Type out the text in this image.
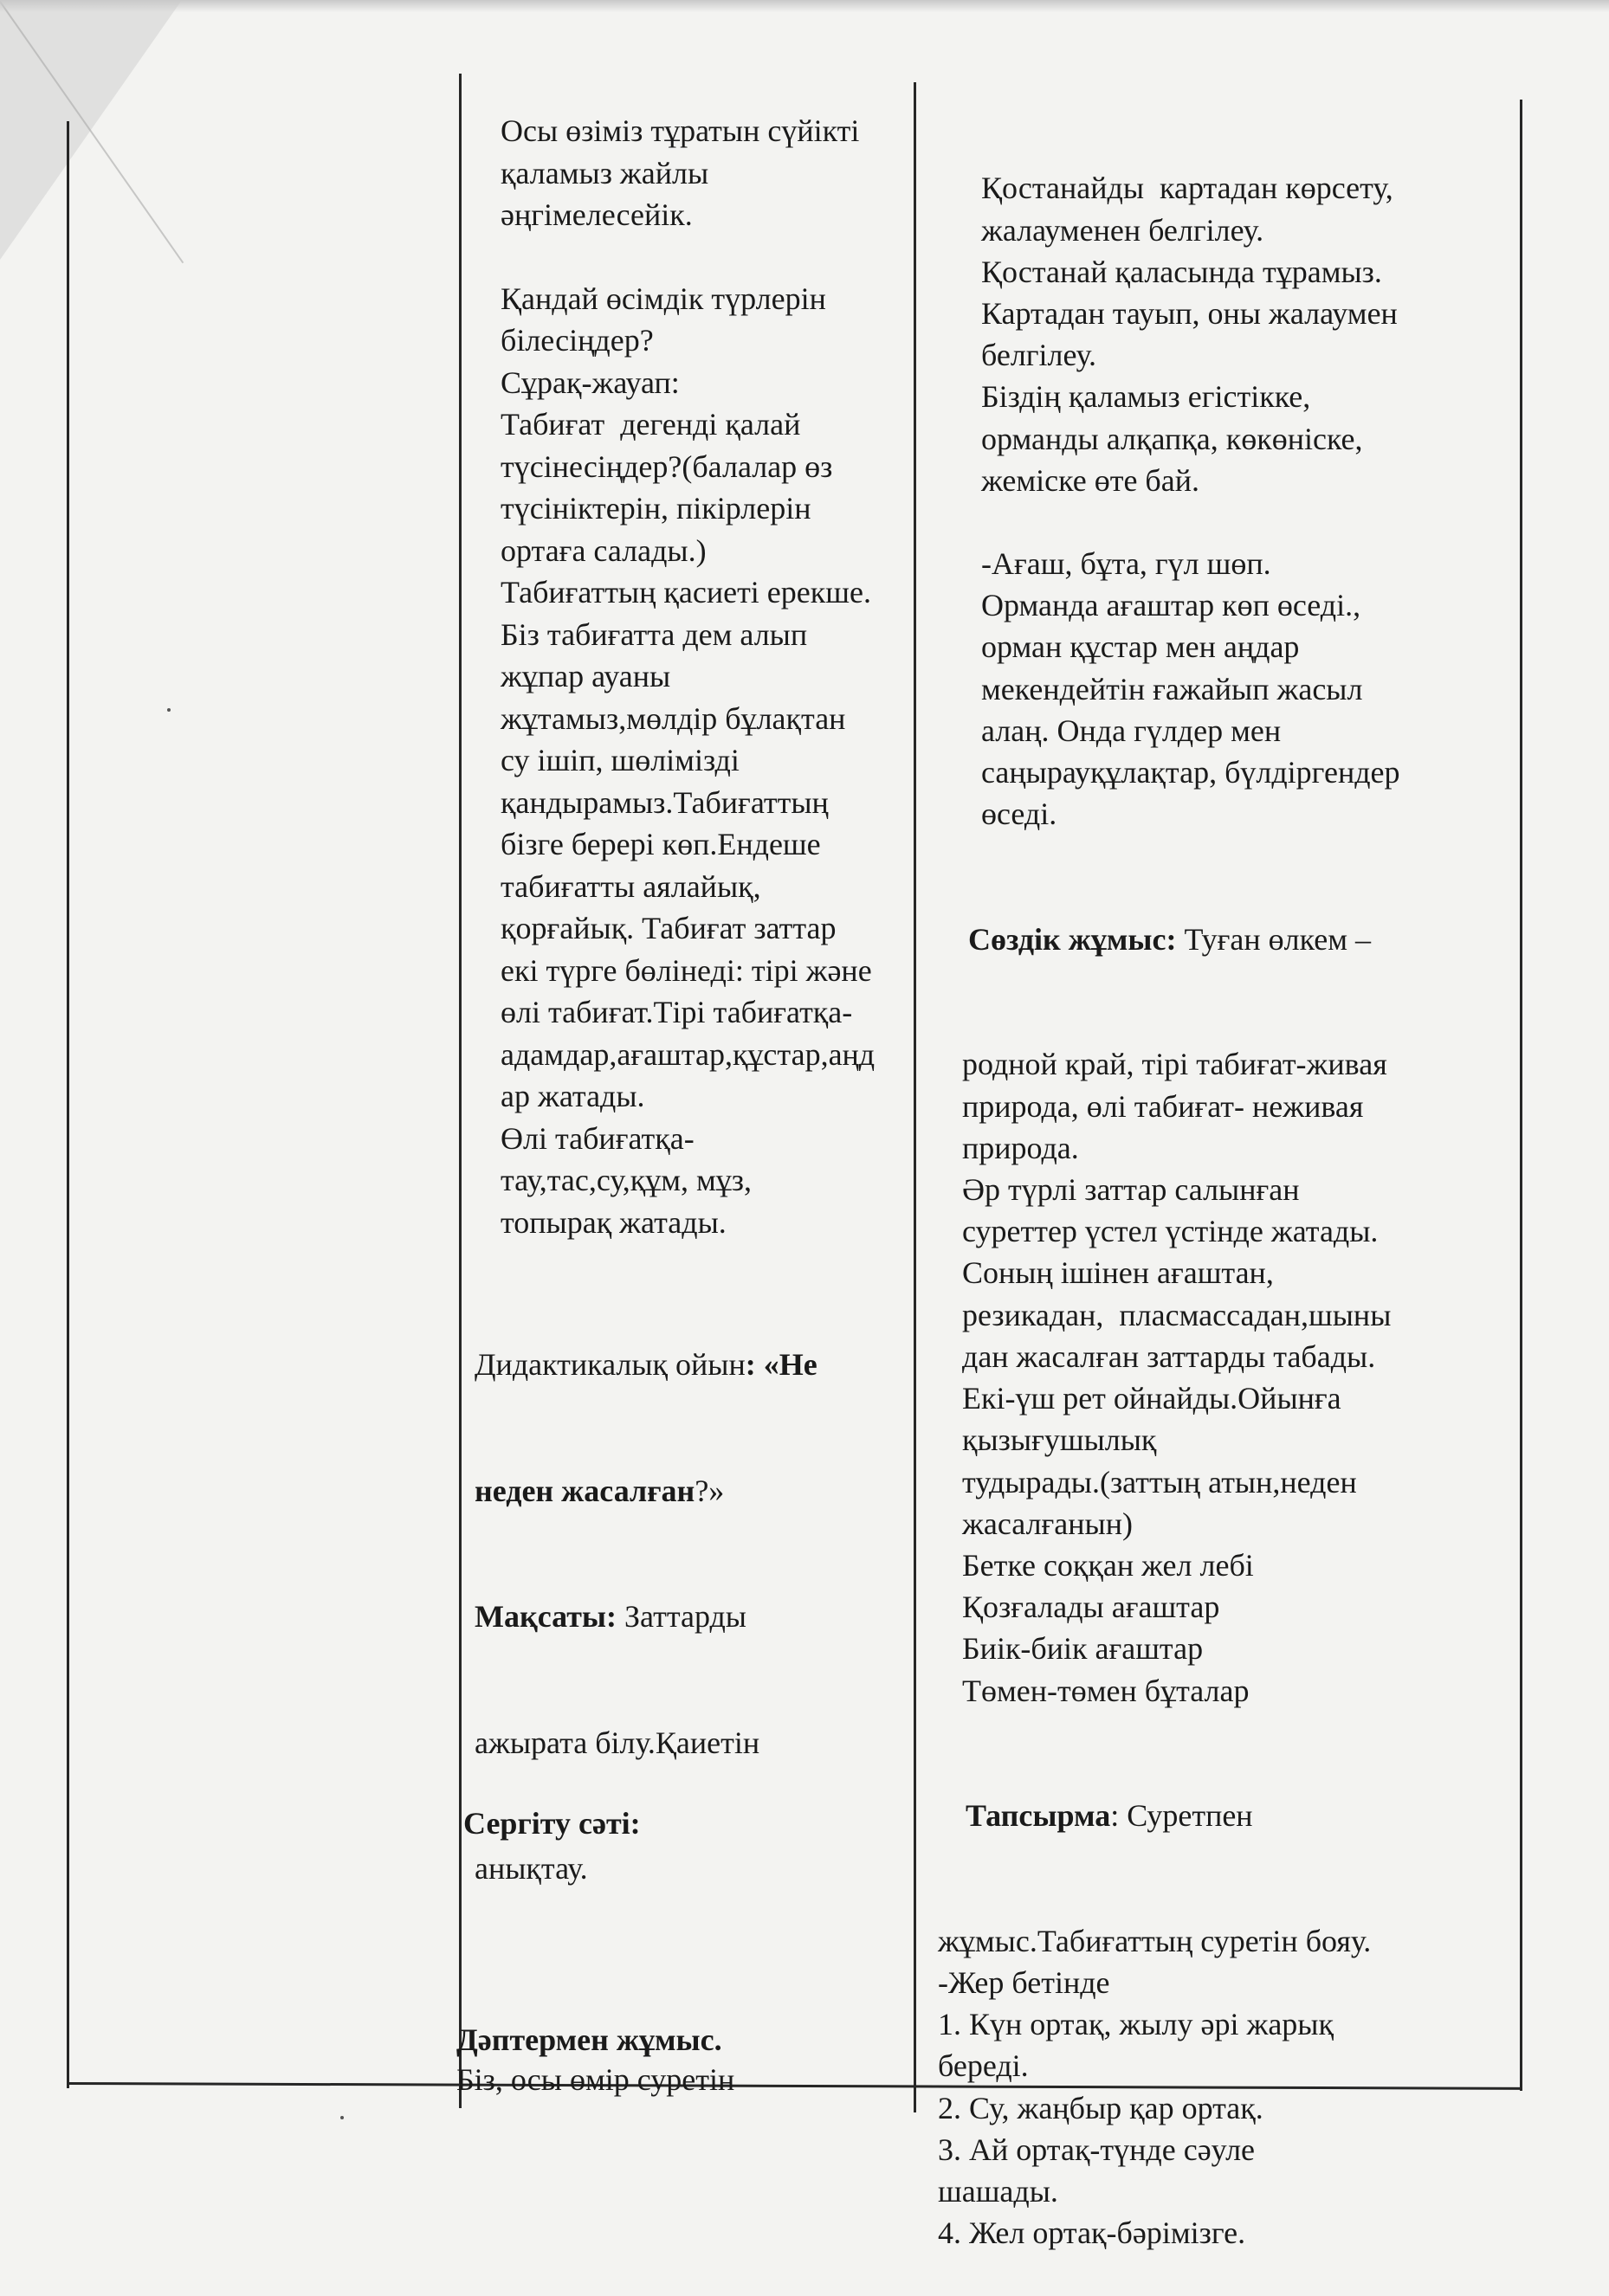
Осы өзіміз тұратын сүйікті
қаламыз жайлы
әңгімелесейік.
Қандай өсімдік түрлерін
білесіңдер?
Сұрақ-жауап:
Табиғат  дегенді қалай
түсінесіңдер?(балалар өз
түсініктерін, пікірлерін
ортаға салады.)
Табиғаттың қасиеті ерекше.
Біз табиғатта дем алып
жұпар ауаны
жұтамыз,мөлдір бұлақтан
су ішіп, шөлімізді
қандырамыз.Табиғаттың
бізге берері көп.Ендеше
табиғатты аялайық,
қорғайық. Табиғат заттар
екі түрге бөлінеді: тірі және
өлі табиғат.Тірі табиғатқа-
адамдар,ағаштар,құстар,аңд
ар жатады.
Өлі табиғатқа-
тау,тас,су,құм, мұз,
топырақ жатады.

Дидактикалық ойын: «Не

неден жасалған?»

Мақсаты: Заттарды

ажырата білу.Қаиетін

анықтау.

Сергіту сәті:
Дәптермен жұмыс.
Біз, осы өмір суретін

Қостанайды  картадан көрсету,
жалауменен белгілеу.
Қостанай қаласында тұрамыз.
Картадан тауып, оны жалаумен
белгілеу.
Біздің қаламыз егістікке,
орманды алқапқа, көкөніске,
жеміске өте бай.
-Ағаш, бұта, гүл шөп.
Орманда ағаштар көп өседі.,
орман құстар мен аңдар
мекендейтін ғажайып жасыл
алаң. Онда гүлдер мен
саңырауқұлақтар, бүлдіргендер
өседі.

Сөздік жұмыс: Туған өлкем –

родной край, тірі табиғат-живая
природа, өлі табиғат- неживая
природа.
Әр түрлі заттар салынған
суреттер үстел үстінде жатады.
Соның ішінен ағаштан,
резикадан,  пласмассадан,шыны
дан жасалған заттарды табады.
Екі-үш рет ойнайды.Ойынға
қызығушылық
тудырады.(заттың атын,неден
жасалғанын)
Бетке соққан жел лебі
Қозғалады ағаштар
Биік-биік ағаштар
Төмен-төмен бұталар

Тапсырма: Суретпен

жұмыс.Табиғаттың суретін бояу.
-Жер бетінде
1. Күн ортақ, жылу әрі жарық
береді.
2. Су, жаңбыр қар ортақ.
3. Ай ортақ-түнде сәуле
шашады.
4. Жел ортақ-бәрімізге.
